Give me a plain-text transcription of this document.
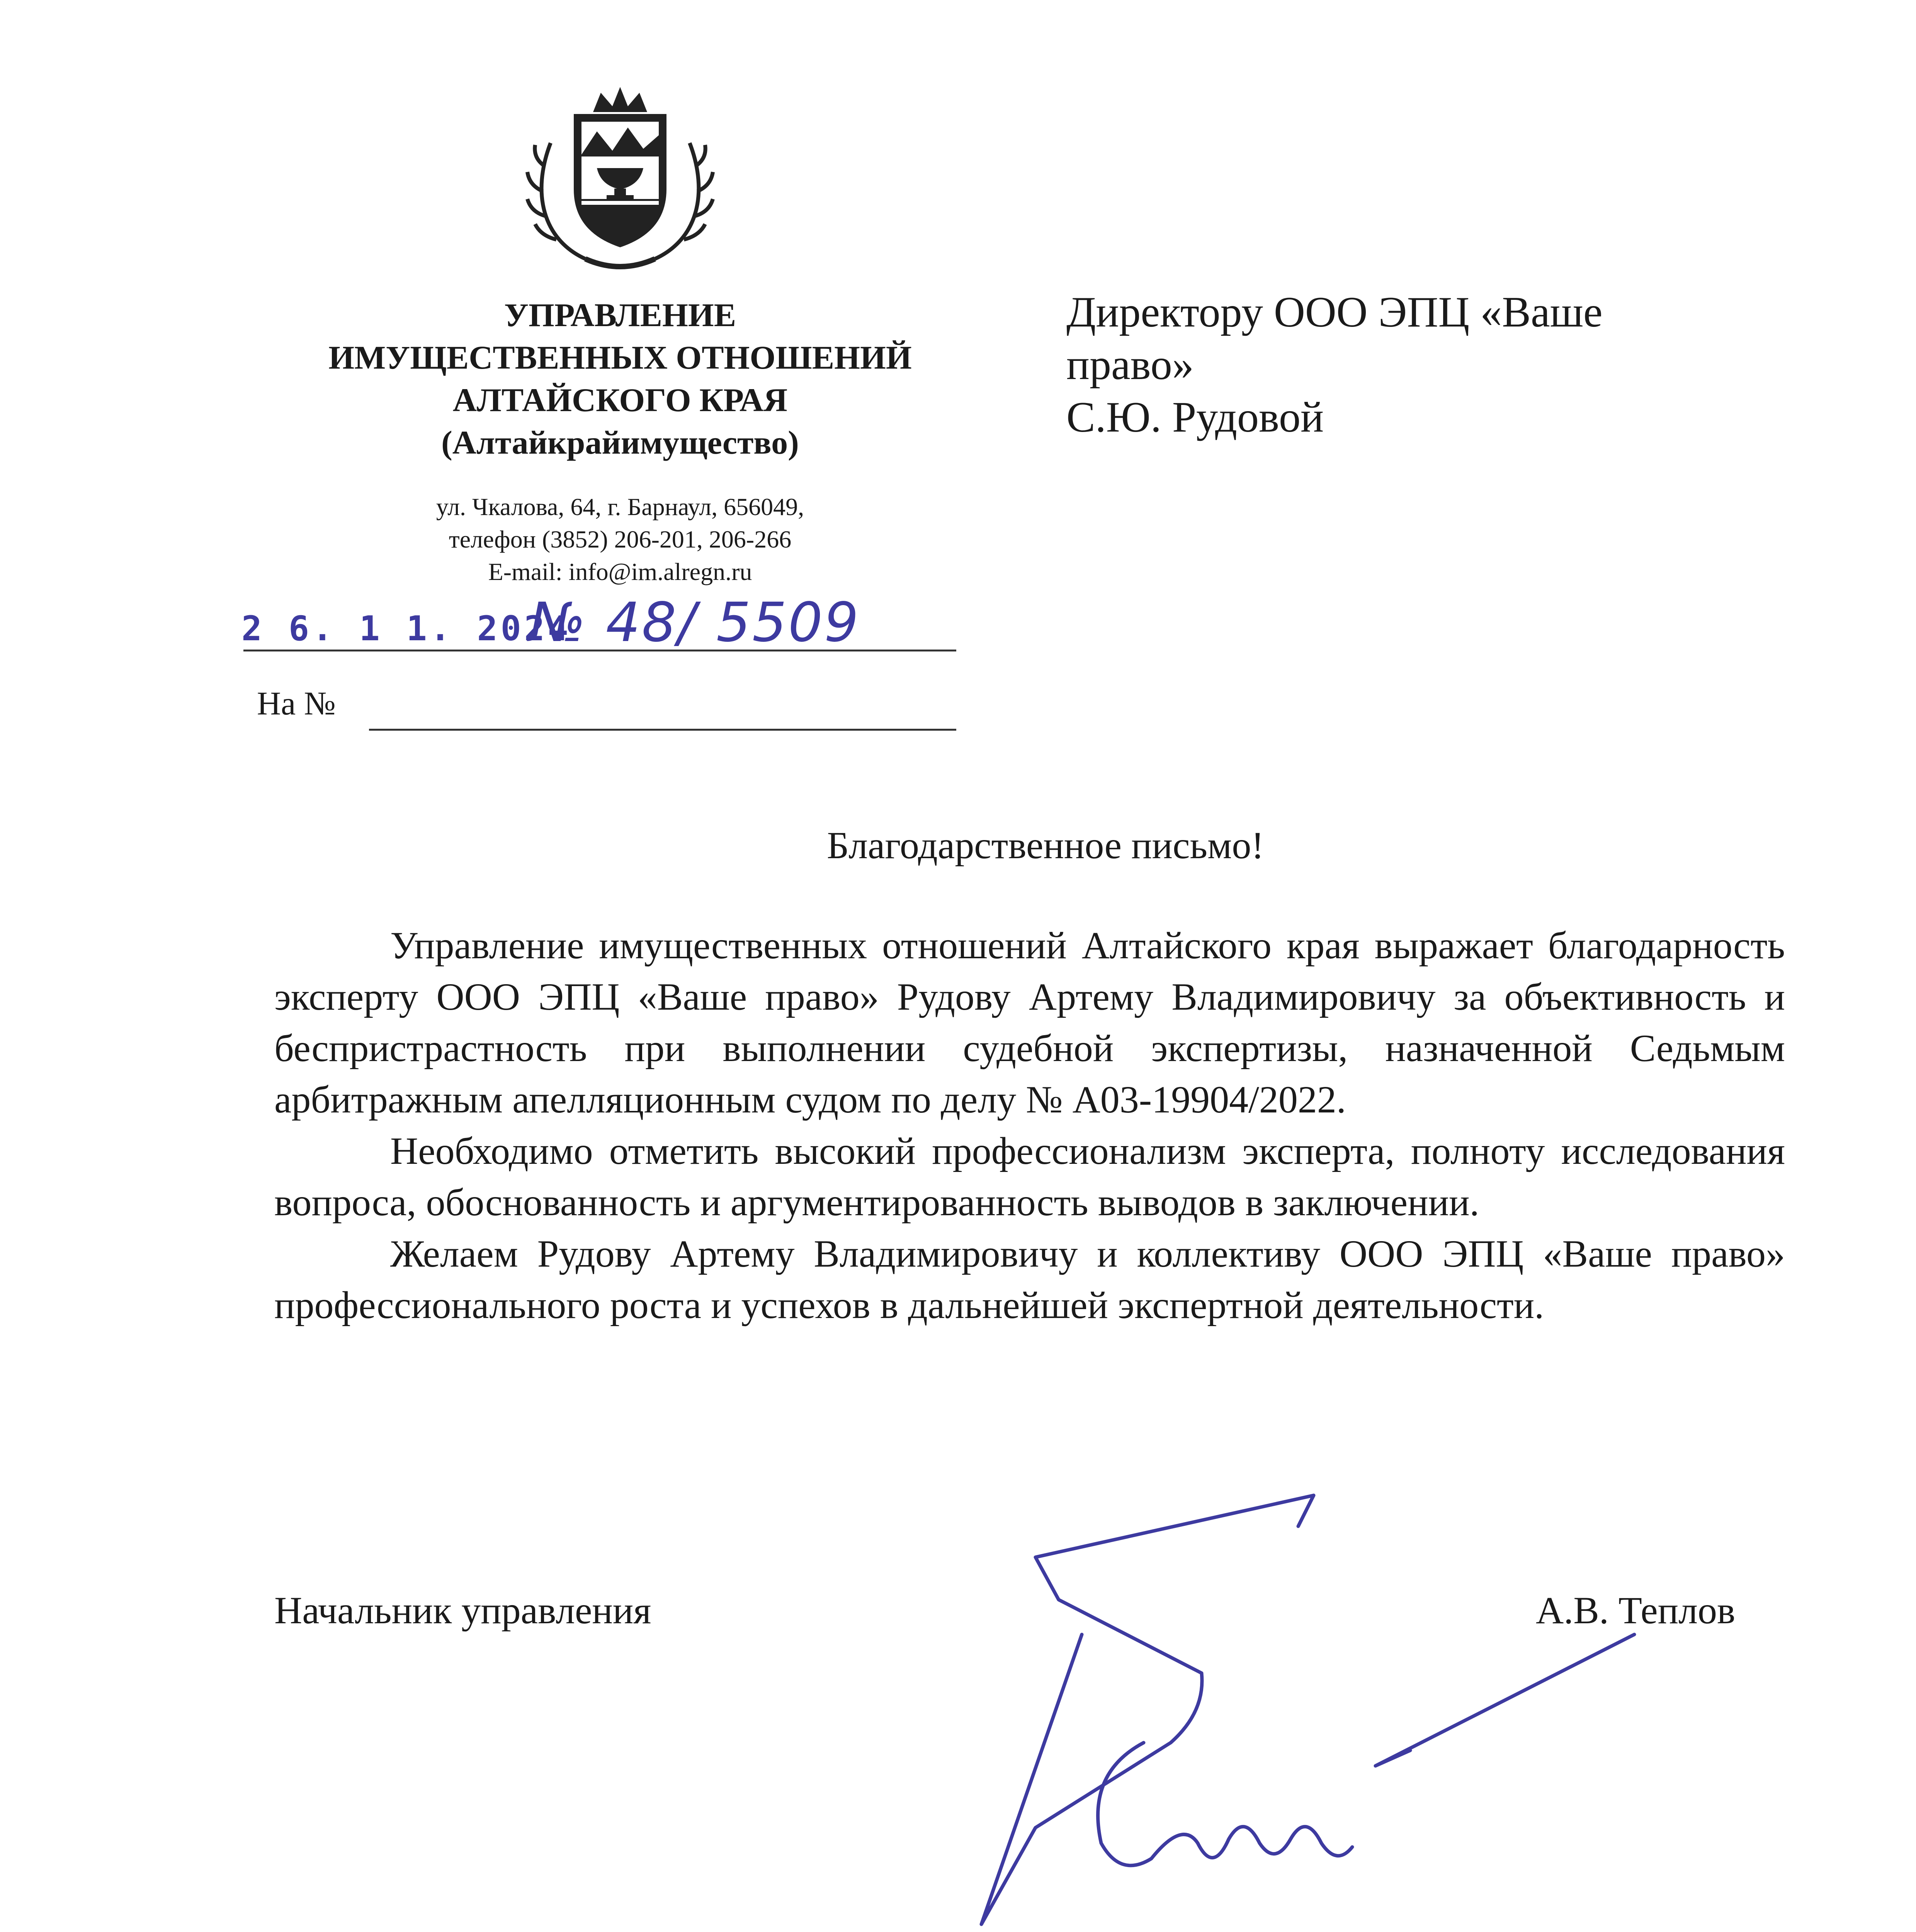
УПРАВЛЕНИЕ
ИМУЩЕСТВЕННЫХ ОТНОШЕНИЙ
АЛТАЙСКОГО КРАЯ
(Алтайкрайимущество)
ул. Чкалова, 64, г. Барнаул, 656049,
телефон (3852) 206-201, 206-266
E-mail: info@im.alregn.ru
2 6. 1 1. 2024
№ 48/ 5509
На №
Директору ООО ЭПЦ «Ваше
право»
С.Ю. Рудовой
Благодарственное письмо!

Управление имущественных отношений Алтайского края выражает благодарность эксперту ООО ЭПЦ «Ваше право» Рудову Артему Владимировичу за объективность и беспристрастность при выполнении судебной экспертизы, назначенной Седьмым арбитражным апелляционным судом по делу № А03-19904/2022.

Необходимо отметить высокий профессионализм эксперта, полноту исследования вопроса, обоснованность и аргументированность выводов в заключении.

Желаем Рудову Артему Владимировичу и коллективу ООО ЭПЦ «Ваше право» профессионального роста и успехов в дальнейшей экспертной деятельности.

Начальник управления	А.В. Теплов
